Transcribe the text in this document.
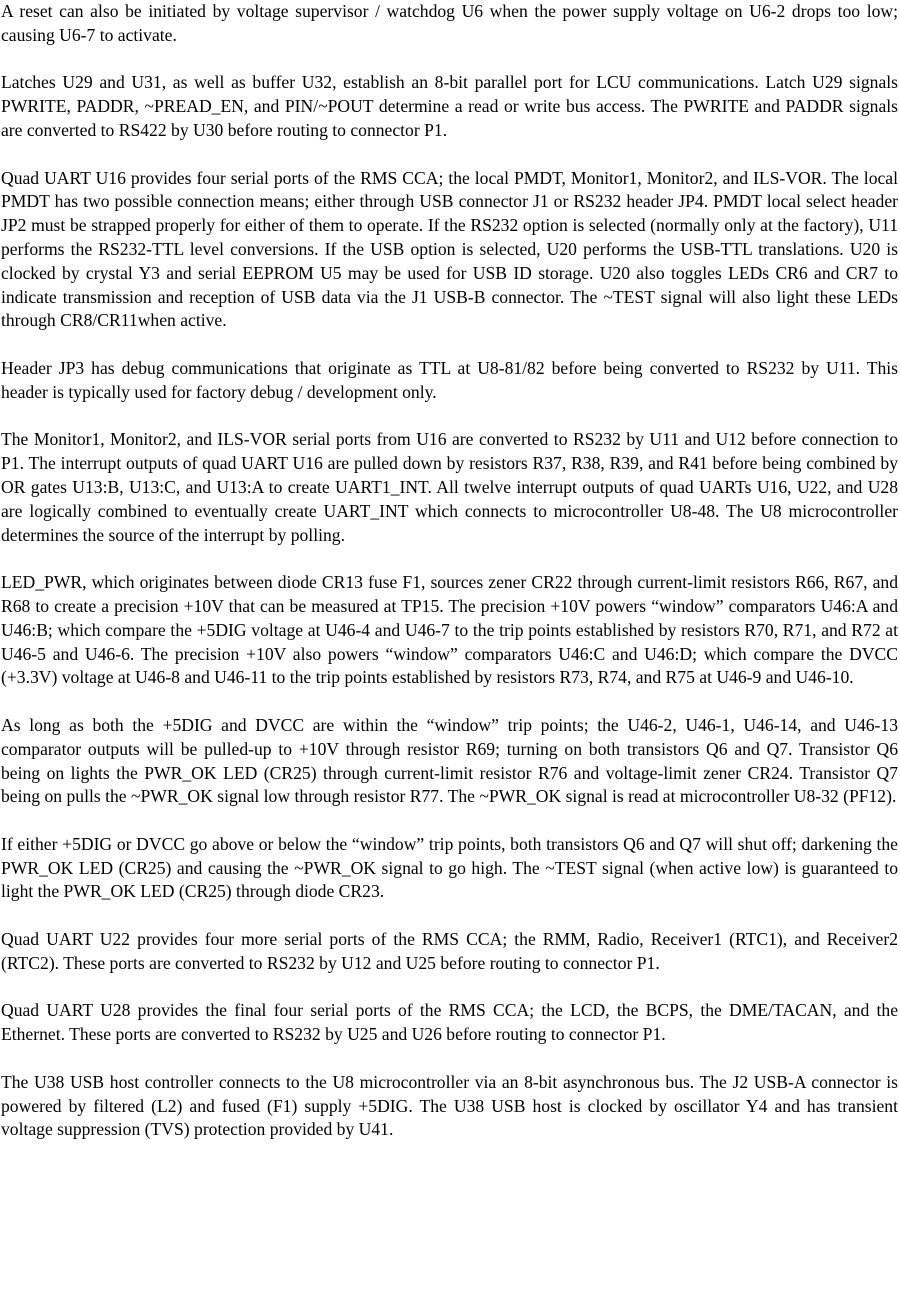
A reset can also be initiated by voltage supervisor / watchdog U6 when the power supply voltage on U6-2 drops too low; causing U6-7 to activate.

Latches U29 and U31, as well as buffer U32, establish an 8-bit parallel port for LCU communications. Latch U29 signals PWRITE, PADDR, ~PREAD_EN, and PIN/~POUT determine a read or write bus access. The PWRITE and PADDR signals are converted to RS422 by U30 before routing to connector P1.

Quad UART U16 provides four serial ports of the RMS CCA; the local PMDT, Monitor1, Monitor2, and ILS-VOR. The local PMDT has two possible connection means; either through USB connector J1 or RS232 header JP4. PMDT local select header JP2 must be strapped properly for either of them to operate. If the RS232 option is selected (normally only at the factory), U11 performs the RS232-TTL level conversions. If the USB option is selected, U20 performs the USB-TTL translations. U20 is clocked by crystal Y3 and serial EEPROM U5 may be used for USB ID storage. U20 also toggles LEDs CR6 and CR7 to indicate transmission and reception of USB data via the J1 USB-B connector. The ~TEST signal will also light these LEDs through CR8/CR11when active.

Header JP3 has debug communications that originate as TTL at U8-81/82 before being converted to RS232 by U11. This header is typically used for factory debug / development only.

The Monitor1, Monitor2, and ILS-VOR serial ports from U16 are converted to RS232 by U11 and U12 before connection to P1. The interrupt outputs of quad UART U16 are pulled down by resistors R37, R38, R39, and R41 before being combined by OR gates U13:B, U13:C, and U13:A to create UART1_INT. All twelve interrupt outputs of quad UARTs U16, U22, and U28 are logically combined to eventually create UART_INT which connects to microcontroller U8-48. The U8 microcontroller determines the source of the interrupt by polling.

LED_PWR, which originates between diode CR13 fuse F1, sources zener CR22 through current-limit resistors R66, R67, and R68 to create a precision +10V that can be measured at TP15. The precision +10V powers “window” comparators U46:A and U46:B; which compare the +5DIG voltage at U46-4 and U46-7 to the trip points established by resistors R70, R71, and R72 at U46-5 and U46-6. The precision +10V also powers “window” comparators U46:C and U46:D; which compare the DVCC (+3.3V) voltage at U46-8 and U46-11 to the trip points established by resistors R73, R74, and R75 at U46-9 and U46-10.

As long as both the +5DIG and DVCC are within the “window” trip points; the U46-2, U46-1, U46-14, and U46-13 comparator outputs will be pulled-up to +10V through resistor R69; turning on both transistors Q6 and Q7. Transistor Q6 being on lights the PWR_OK LED (CR25) through current-limit resistor R76 and voltage-limit zener CR24. Transistor Q7 being on pulls the ~PWR_OK signal low through resistor R77. The ~PWR_OK signal is read at microcontroller U8-32 (PF12).

If either +5DIG or DVCC go above or below the “window” trip points, both transistors Q6 and Q7 will shut off; darkening the PWR_OK LED (CR25) and causing the ~PWR_OK signal to go high. The ~TEST signal (when active low) is guaranteed to light the PWR_OK LED (CR25) through diode CR23.

Quad UART U22 provides four more serial ports of the RMS CCA; the RMM, Radio, Receiver1 (RTC1), and Receiver2 (RTC2). These ports are converted to RS232 by U12 and U25 before routing to connector P1.

Quad UART U28 provides the final four serial ports of the RMS CCA; the LCD, the BCPS, the DME/TACAN, and the Ethernet. These ports are converted to RS232 by U25 and U26 before routing to connector P1.

The U38 USB host controller connects to the U8 microcontroller via an 8-bit asynchronous bus. The J2 USB-A connector is powered by filtered (L2) and fused (F1) supply +5DIG. The U38 USB host is clocked by oscillator Y4 and has transient voltage suppression (TVS) protection provided by U41.
